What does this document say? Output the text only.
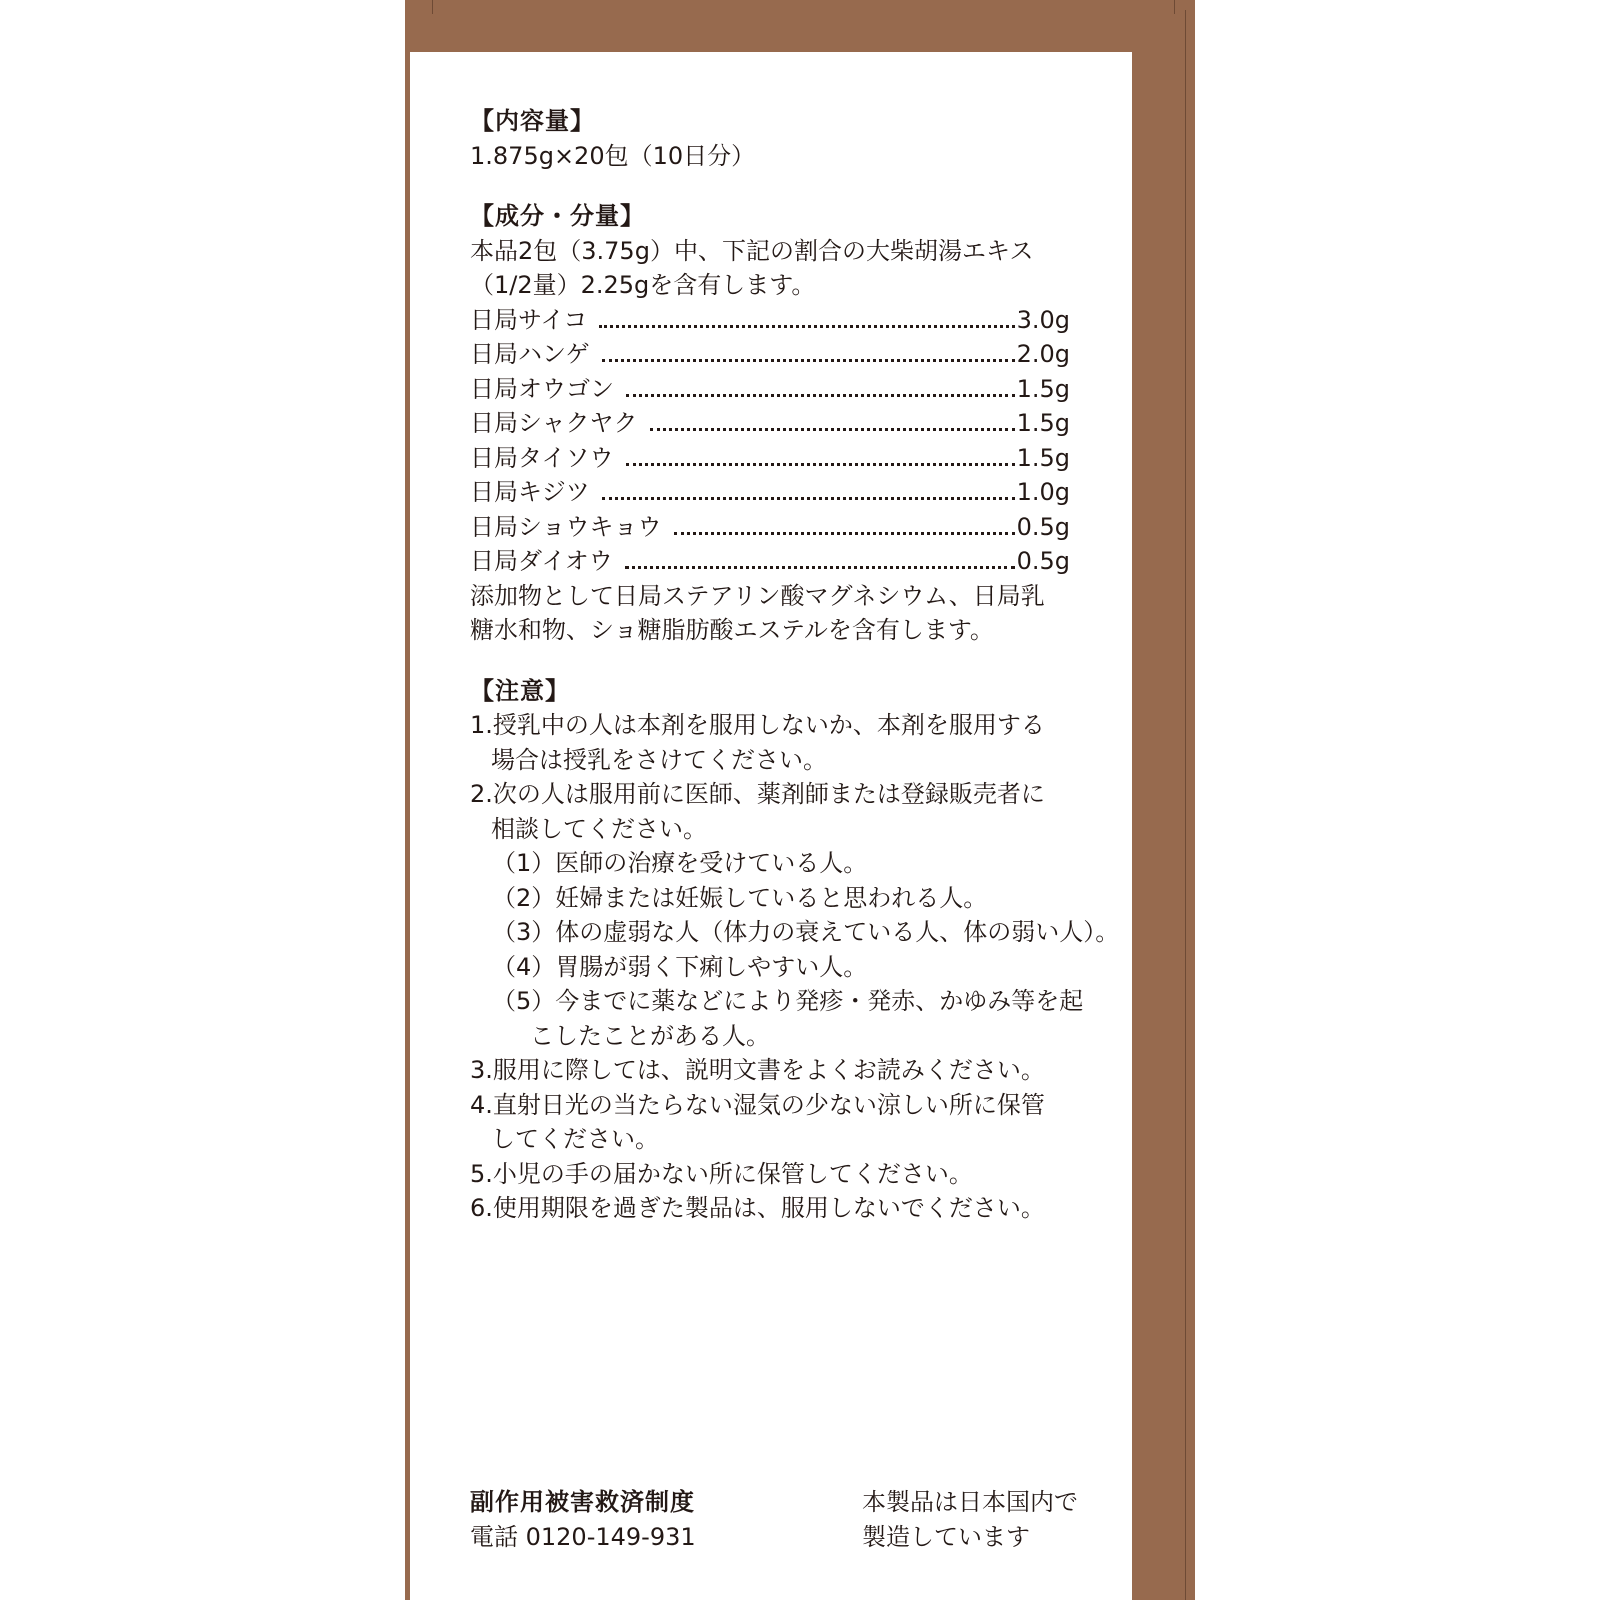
【内容量】
1.875g×20包（10日分）
【成分・分量】
本品2包（3.75g）中、下記の割合の大柴胡湯エキス
（1/2量）2.25gを含有します。
日局サイコ	3.0g
日局ハンゲ	2.0g
日局オウゴン	1.5g
日局シャクヤク	1.5g
日局タイソウ	1.5g
日局キジツ	1.0g
日局ショウキョウ	0.5g
日局ダイオウ	0.5g
添加物として日局ステアリン酸マグネシウム、日局乳
糖水和物、ショ糖脂肪酸エステルを含有します。
【注意】
1.授乳中の人は本剤を服用しないか、本剤を服用する
場合は授乳をさけてください。
2.次の人は服用前に医師、薬剤師または登録販売者に
相談してください。
（1）医師の治療を受けている人。
（2）妊婦または妊娠していると思われる人。
（3）体の虚弱な人（体力の衰えている人、体の弱い人）。
（4）胃腸が弱く下痢しやすい人。
（5）今までに薬などにより発疹・発赤、かゆみ等を起
こしたことがある人。
3.服用に際しては、説明文書をよくお読みください。
4.直射日光の当たらない湿気の少ない涼しい所に保管
してください。
5.小児の手の届かない所に保管してください。
6.使用期限を過ぎた製品は、服用しないでください。
副作用被害救済制度
電話 0120-149-931
本製品は日本国内で
製造しています
